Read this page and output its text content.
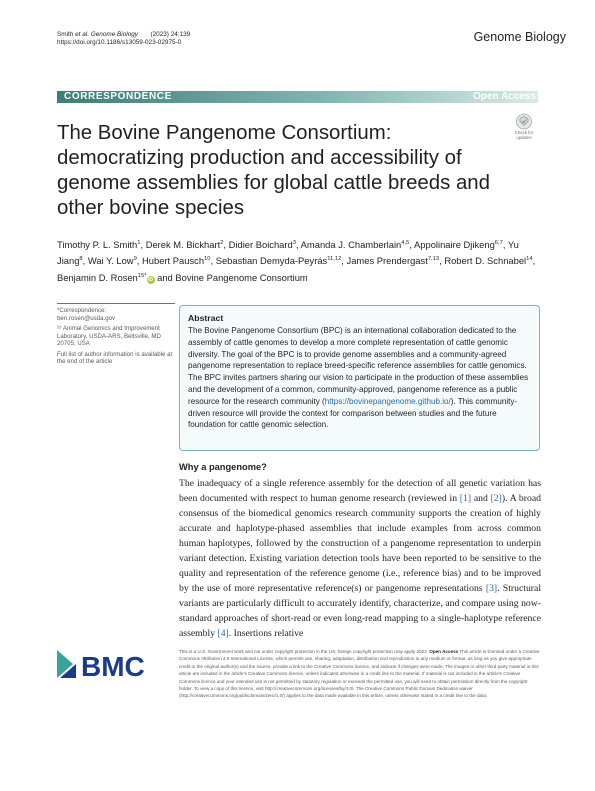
Smith et al. Genome Biology (2023) 24:139
https://doi.org/10.1186/s13059-023-02975-0	Genome Biology
CORRESPONDENCE	Open Access
The Bovine Pangenome Consortium: democratizing production and accessibility of genome assemblies for global cattle breeds and other bovine species
Check for
updates
Timothy P. L. Smith$^1$, Derek M. Bickhart$^2$, Didier Boichard$^3$, Amanda J. Chamberlain$^{4,5}$, Appolinaire Djikeng$^{6,7}$, Yu Jiang$^8$, Wai Y. Low$^9$, Hubert Pausch$^{10}$, Sebastian Demyda-Peyrás$^{11,12}$, James Prendergast$^{7,13}$, Robert D. Schnabel$^{14}$, Benjamin D. Rosen$^{15*}$iD and Bovine Pangenome Consortium

*Correspondence:
ben.rosen@usda.gov

¹⁵ Animal Genomics and Improvement Laboratory, USDA-ARS, Beltsville, MD 20705, USA

Full list of author information is available at the end of the article

Abstract

The Bovine Pangenome Consortium (BPC) is an international collaboration dedicated to the assembly of cattle genomes to develop a more complete representation of cattle genomic diversity. The goal of the BPC is to provide genome assemblies and a community-agreed pangenome representation to replace breed-specific reference assemblies for cattle genomics. The BPC invites partners sharing our vision to participate in the production of these assemblies and the development of a common, community-approved, pangenome reference as a public resource for the research community (https://bovinepangenome.github.io/). This community-driven resource will provide the context for comparison between studies and the future foundation for cattle genomic selection.

Why a pangenome?

The inadequacy of a single reference assembly for the detection of all genetic variation has been documented with respect to human genome research (reviewed in [1] and [2]). A broad consensus of the biomedical genomics research community supports the creation of highly accurate and haplotype-phased assemblies that include examples from across common human haplotypes, followed by the construction of a pangenome representation to underpin variant detection. Existing variation detection tools have been reported to be sensitive to the quality and representation of the reference genome (i.e., reference bias) and to be improved by the use of more representative reference(s) or pangenome representations [3]. Structural variants are particularly difficult to accurately identify, characterize, and compare using now-standard approaches of short-read or even long-read mapping to a single-haplotype reference assembly [4]. Insertions relative

BMC	This is a U.S. Government work and not under copyright protection in the US; foreign copyright protection may apply 2023. Open Access This article is licensed under a Creative Commons Attribution 4.0 International License, which permits use, sharing, adaptation, distribution and reproduction in any medium or format, as long as you give appropriate credit to the original author(s) and the source, provide a link to the Creative Commons licence, and indicate if changes were made. The images or other third party material in this article are included in the article's Creative Commons licence, unless indicated otherwise in a credit line to the material. If material is not included in the article's Creative Commons licence and your intended use is not permitted by statutory regulation or exceeds the permitted use, you will need to obtain permission directly from the copyright holder. To view a copy of this licence, visit http://creativecommons.org/licenses/by/4.0/. The Creative Commons Public Domain Dedication waiver (http://creativecommons.org/publicdomain/zero/1.0/) applies to the data made available in this article, unless otherwise stated in a credit line to the data.
